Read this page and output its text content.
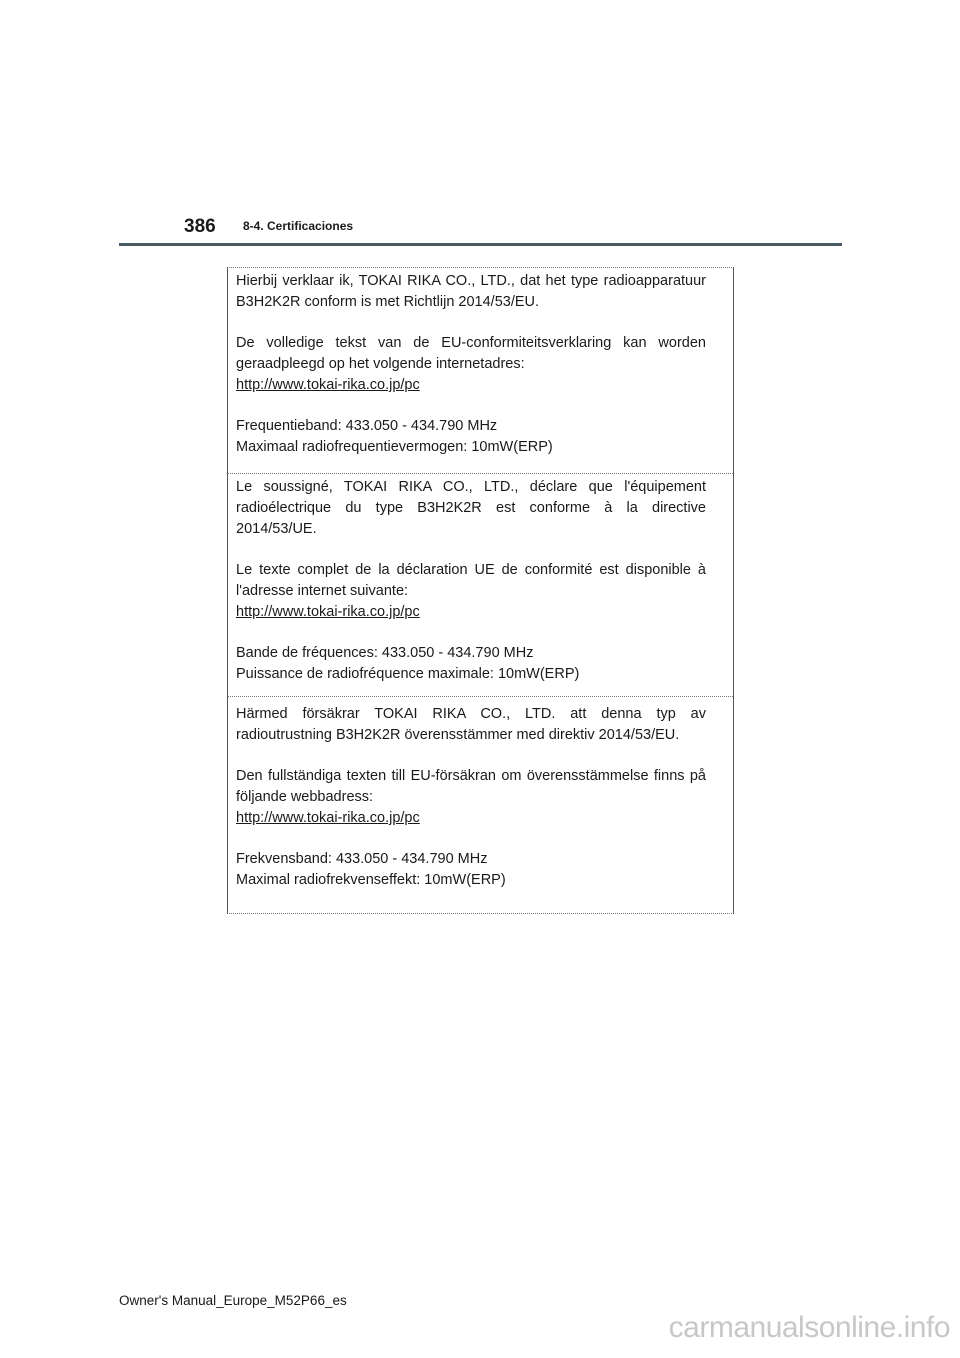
386 8-4. Certificaciones

Hierbij verklaar ik, TOKAI RIKA CO., LTD., dat het type radioapparatuur B3H2K2R conform is met Richtlijn 2014/53/EU.

De volledige tekst van de EU-conformiteitsverklaring kan worden geraadpleegd op het volgende internetadres:

http://www.tokai-rika.co.jp/pc

Frequentieband: 433.050 - 434.790 MHz

Maximaal radiofrequentievermogen: 10mW(ERP)

Le soussigné, TOKAI RIKA CO., LTD., déclare que l'équipement radioélectrique du type B3H2K2R est conforme à la directive 2014/53/UE.

Le texte complet de la déclaration UE de conformité est disponible à l'adresse internet suivante:

http://www.tokai-rika.co.jp/pc

Bande de fréquences: 433.050 - 434.790 MHz

Puissance de radiofréquence maximale: 10mW(ERP)

Härmed försäkrar TOKAI RIKA CO., LTD. att denna typ av radioutrustning B3H2K2R överensstämmer med direktiv 2014/53/EU.

Den fullständiga texten till EU-försäkran om överensstämmelse finns på följande webbadress:

http://www.tokai-rika.co.jp/pc

Frekvensband: 433.050 - 434.790 MHz

Maximal radiofrekvenseffekt: 10mW(ERP)

Owner's Manual_Europe_M52P66_es
carmanualsonline.info
